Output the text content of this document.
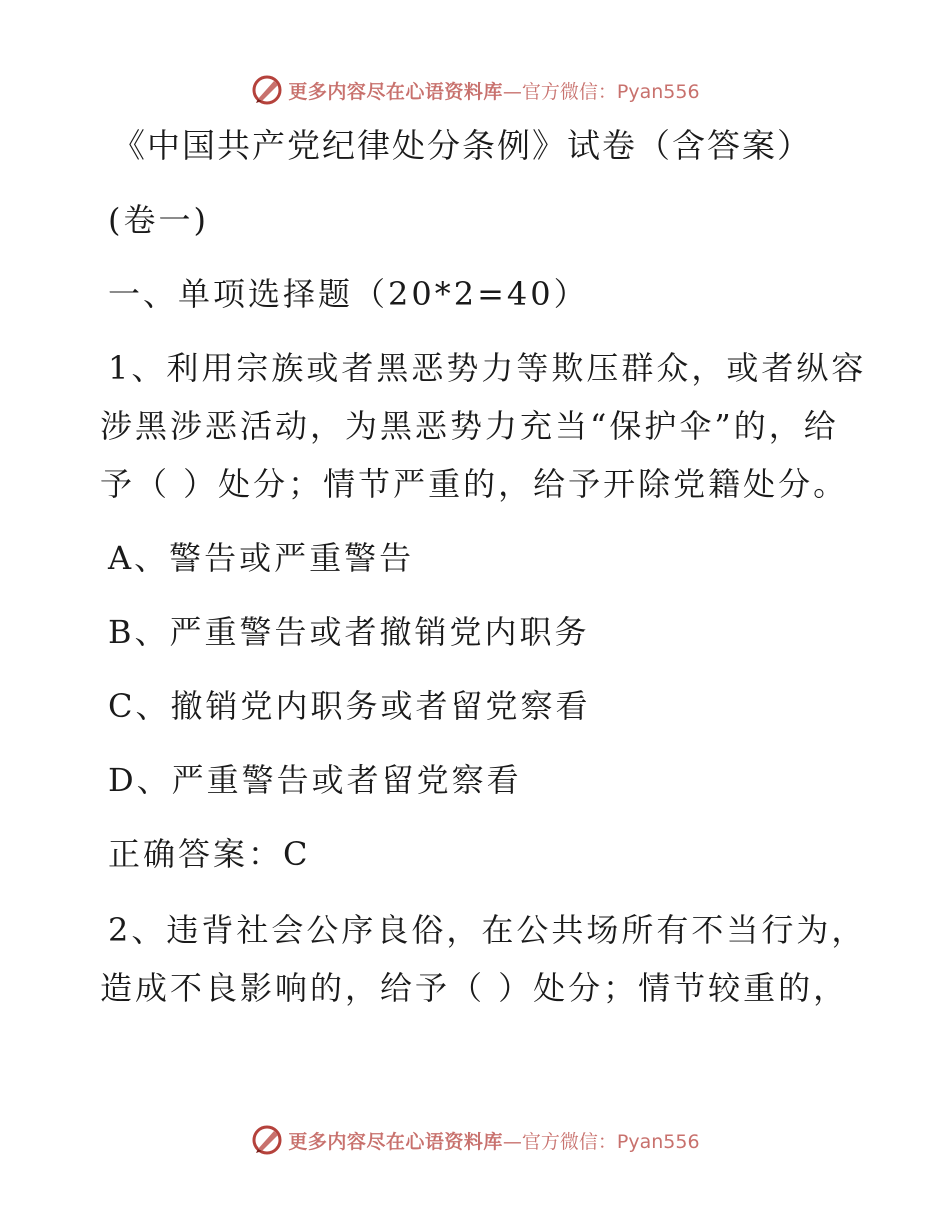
更多内容尽在心语资料库 —官方微信：Pyan556
《中国共产党纪律处分条例》试卷（含答案）
(卷一)
一、单项选择题（20*2=40）
1、利用宗族或者黑恶势力等欺压群众，或者纵容
涉黑涉恶活动，为黑恶势力充当“保护伞”的，给
予（ ）处分；情节严重的，给予开除党籍处分。
A、警告或严重警告
B、严重警告或者撤销党内职务
C、撤销党内职务或者留党察看
D、严重警告或者留党察看
正确答案：C
2、违背社会公序良俗，在公共场所有不当行为，
造成不良影响的，给予（ ）处分；情节较重的，
更多内容尽在心语资料库 —官方微信：Pyan556
